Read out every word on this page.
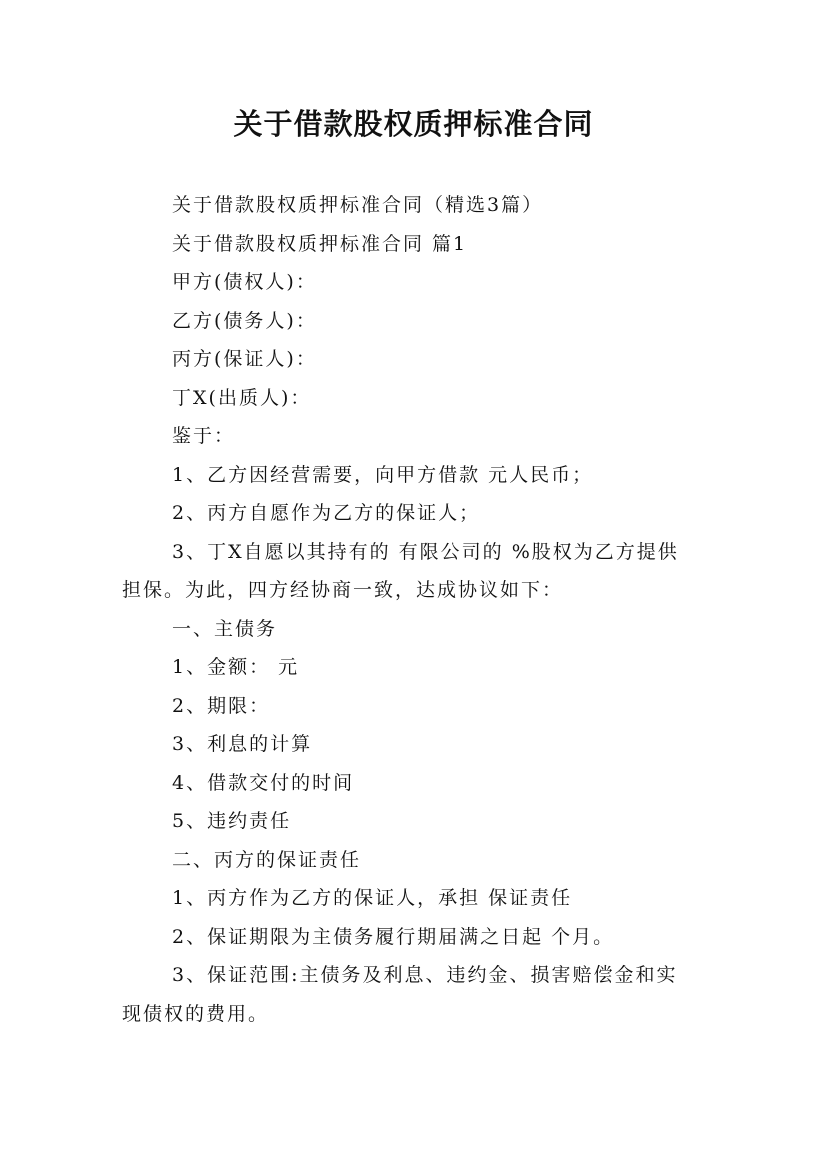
关于借款股权质押标准合同
关于借款股权质押标准合同（精选3篇）
关于借款股权质押标准合同 篇1
甲方(债权人)：
乙方(债务人)：
丙方(保证人)：
丁X(出质人)：
鉴于：
1、乙方因经营需要，向甲方借款 元人民币；
2、丙方自愿作为乙方的保证人；
3、丁X自愿以其持有的 有限公司的 %股权为乙方提供
担保。为此，四方经协商一致，达成协议如下：
一、主债务
1、金额： 元
2、期限：
3、利息的计算
4、借款交付的时间
5、违约责任
二、丙方的保证责任
1、丙方作为乙方的保证人，承担 保证责任
2、保证期限为主债务履行期届满之日起 个月。
3、保证范围:主债务及利息、违约金、损害赔偿金和实
现债权的费用。
